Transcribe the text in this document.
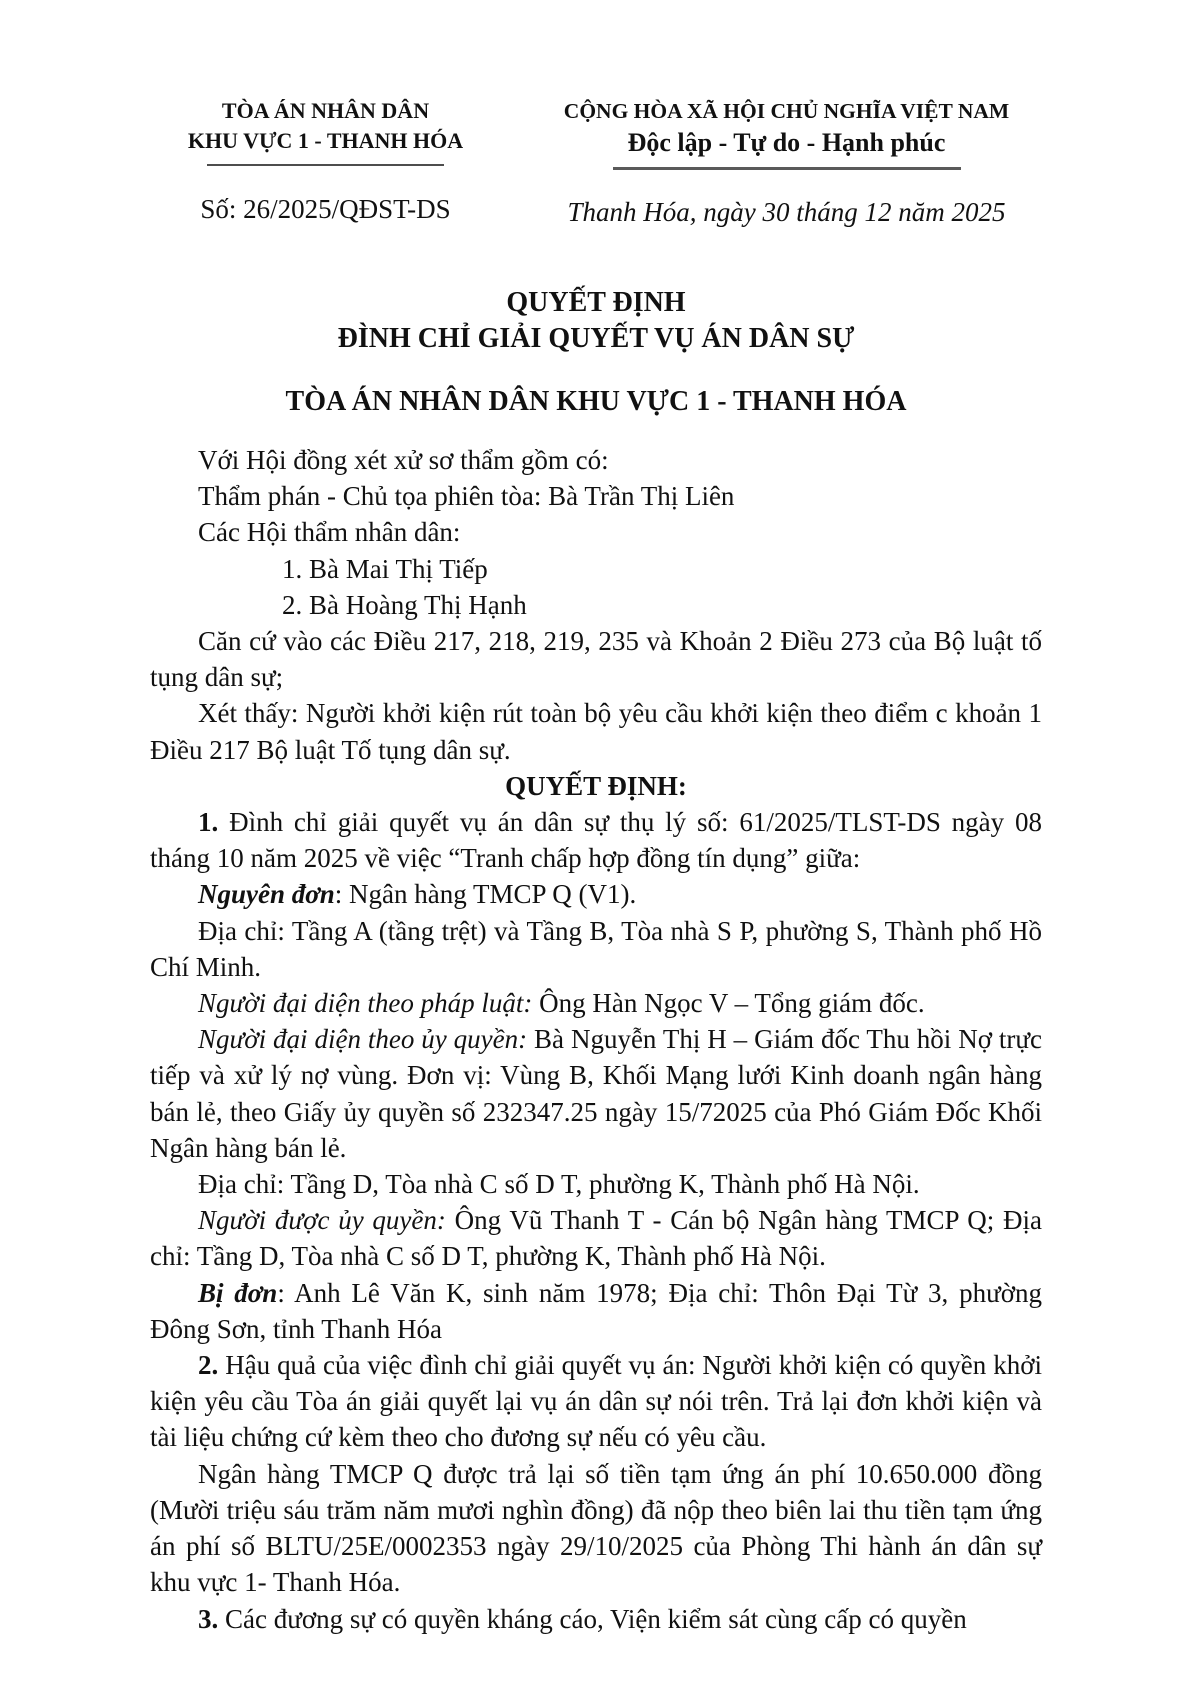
TÒA ÁN NHÂN DÂN
KHU VỰC 1 - THANH HÓA
Số: 26/2025/QĐST-DS
CỘNG HÒA XÃ HỘI CHỦ NGHĨA VIỆT NAM
Độc lập - Tự do - Hạnh phúc
Thanh Hóa, ngày 30 tháng 12 năm 2025
QUYẾT ĐỊNH
ĐÌNH CHỈ GIẢI QUYẾT VỤ ÁN DÂN SỰ
TÒA ÁN NHÂN DÂN KHU VỰC 1 - THANH HÓA

Với Hội đồng xét xử sơ thẩm gồm có:

Thẩm phán - Chủ tọa phiên tòa: Bà Trần Thị Liên

Các Hội thẩm nhân dân:

1. Bà Mai Thị Tiếp

2. Bà Hoàng Thị Hạnh

Căn cứ vào các Điều 217, 218, 219, 235 và Khoản 2 Điều 273 của Bộ luật tố tụng dân sự;

Xét thấy: Người khởi kiện rút toàn bộ yêu cầu khởi kiện theo điểm c khoản 1 Điều 217 Bộ luật Tố tụng dân sự.

QUYẾT ĐỊNH:

1. Đình chỉ giải quyết vụ án dân sự thụ lý số: 61/2025/TLST-DS ngày 08 tháng 10 năm 2025 về việc “Tranh chấp hợp đồng tín dụng” giữa:

Nguyên đơn: Ngân hàng TMCP Q (V1).

Địa chỉ: Tầng A (tầng trệt) và Tầng B, Tòa nhà S P, phường S, Thành phố Hồ Chí Minh.

Người đại diện theo pháp luật: Ông Hàn Ngọc V – Tổng giám đốc.

Người đại diện theo ủy quyền: Bà Nguyễn Thị H – Giám đốc Thu hồi Nợ trực tiếp và xử lý nợ vùng. Đơn vị: Vùng B, Khối Mạng lưới Kinh doanh ngân hàng bán lẻ, theo Giấy ủy quyền số 232347.25 ngày 15/72025 của Phó Giám Đốc Khối Ngân hàng bán lẻ.

Địa chỉ: Tầng D, Tòa nhà C số D T, phường K, Thành phố Hà Nội.

Người được ủy quyền: Ông Vũ Thanh T - Cán bộ Ngân hàng TMCP Q; Địa chỉ: Tầng D, Tòa nhà C số D T, phường K, Thành phố Hà Nội.

Bị đơn: Anh Lê Văn K, sinh năm 1978; Địa chỉ: Thôn Đại Từ 3, phường Đông Sơn, tỉnh Thanh Hóa

2. Hậu quả của việc đình chỉ giải quyết vụ án: Người khởi kiện có quyền khởi kiện yêu cầu Tòa án giải quyết lại vụ án dân sự nói trên. Trả lại đơn khởi kiện và tài liệu chứng cứ kèm theo cho đương sự nếu có yêu cầu.

Ngân hàng TMCP Q được trả lại số tiền tạm ứng án phí 10.650.000 đồng (Mười triệu sáu trăm năm mươi nghìn đồng) đã nộp theo biên lai thu tiền tạm ứng án phí số BLTU/25E/0002353 ngày 29/10/2025 của Phòng Thi hành án dân sự khu vực 1- Thanh Hóa.

3. Các đương sự có quyền kháng cáo, Viện kiểm sát cùng cấp có quyền
